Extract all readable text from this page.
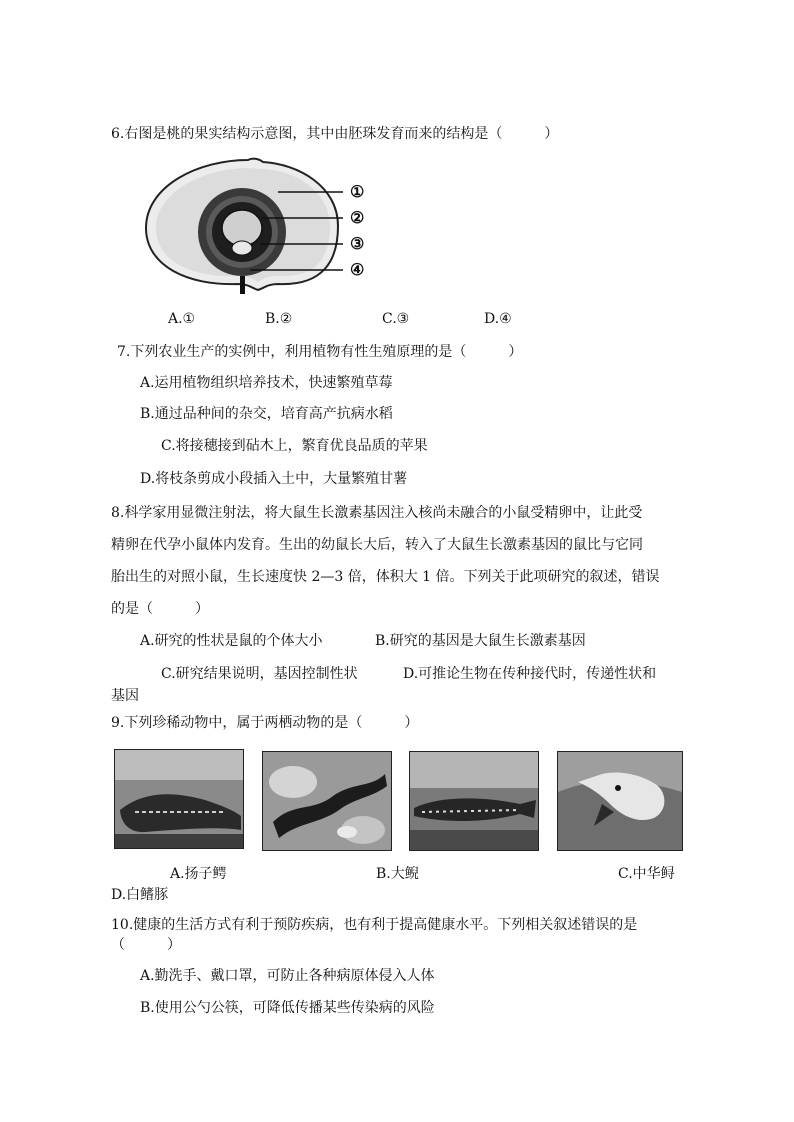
6.右图是桃的果实结构示意图，其中由胚珠发育而来的结构是（　　　）
①
②
③
④
A.①	B.②	C.③	D.④
7.下列农业生产的实例中，利用植物有性生殖原理的是（　　　）
A.运用植物组织培养技术，快速繁殖草莓
B.通过品种间的杂交，培育高产抗病水稻
C.将接穗接到砧木上，繁育优良品质的苹果
D.将枝条剪成小段插入土中，大量繁殖甘薯
8.科学家用显微注射法，将大鼠生长激素基因注入核尚未融合的小鼠受精卵中，让此受
精卵在代孕小鼠体内发育。生出的幼鼠长大后，转入了大鼠生长激素基因的鼠比与它同
胎出生的对照小鼠，生长速度快 2—3 倍，体积大 1 倍。下列关于此项研究的叙述，错误
的是（　　　）
A.研究的性状是鼠的个体大小	B.研究的基因是大鼠生长激素基因
C.研究结果说明，基因控制性状	D.可推论生物在传种接代时，传递性状和
基因
9.下列珍稀动物中，属于两栖动物的是（　　　）
A.扬子鳄	B.大鲵	C.中华鲟
D.白鳍豚
10.健康的生活方式有利于预防疾病，也有利于提高健康水平。下列相关叙述错误的是
（　　　）
A.勤洗手、戴口罩，可防止各种病原体侵入人体
B.使用公勺公筷，可降低传播某些传染病的风险
